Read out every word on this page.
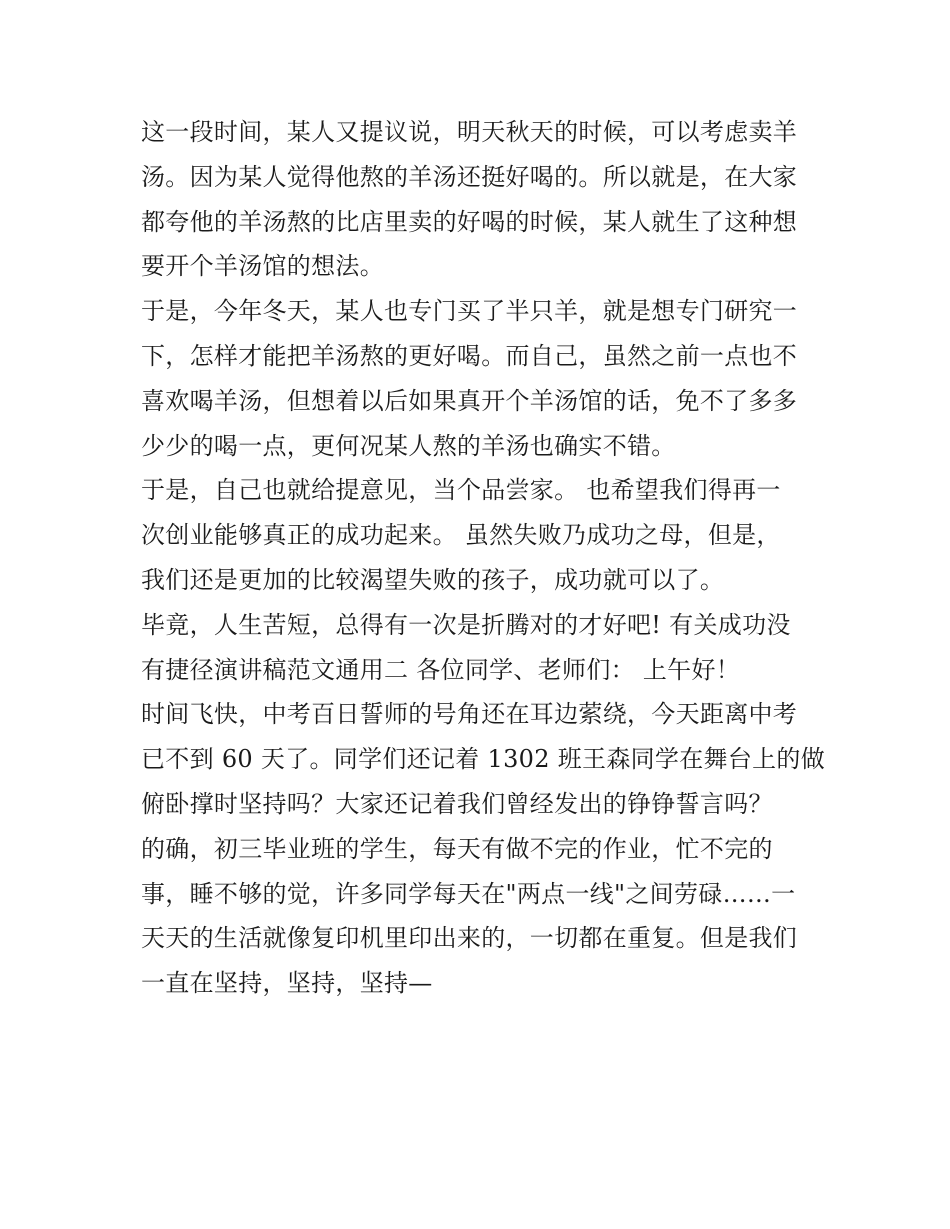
这一段时间，某人又提议说，明天秋天的时候，可以考虑卖羊
汤。因为某人觉得他熬的羊汤还挺好喝的。所以就是，在大家
都夸他的羊汤熬的比店里卖的好喝的时候，某人就生了这种想
要开个羊汤馆的想法。
于是，今年冬天，某人也专门买了半只羊，就是想专门研究一
下，怎样才能把羊汤熬的更好喝。而自己，虽然之前一点也不
喜欢喝羊汤，但想着以后如果真开个羊汤馆的话，免不了多多
少少的喝一点，更何况某人熬的羊汤也确实不错。
于是，自己也就给提意见，当个品尝家。 也希望我们得再一
次创业能够真正的成功起来。 虽然失败乃成功之母，但是，
我们还是更加的比较渴望失败的孩子，成功就可以了。
毕竟，人生苦短，总得有一次是折腾对的才好吧! 有关成功没
有捷径演讲稿范文通用二 各位同学、老师们： 上午好！
时间飞快，中考百日誓师的号角还在耳边萦绕，今天距离中考
已不到 60 天了。同学们还记着 1302 班王森同学在舞台上的做
俯卧撑时坚持吗？大家还记着我们曾经发出的铮铮誓言吗？
的确，初三毕业班的学生，每天有做不完的作业，忙不完的
事，睡不够的觉，许多同学每天在"两点一线"之间劳碌……一
天天的生活就像复印机里印出来的，一切都在重复。但是我们
一直在坚持，坚持，坚持—
